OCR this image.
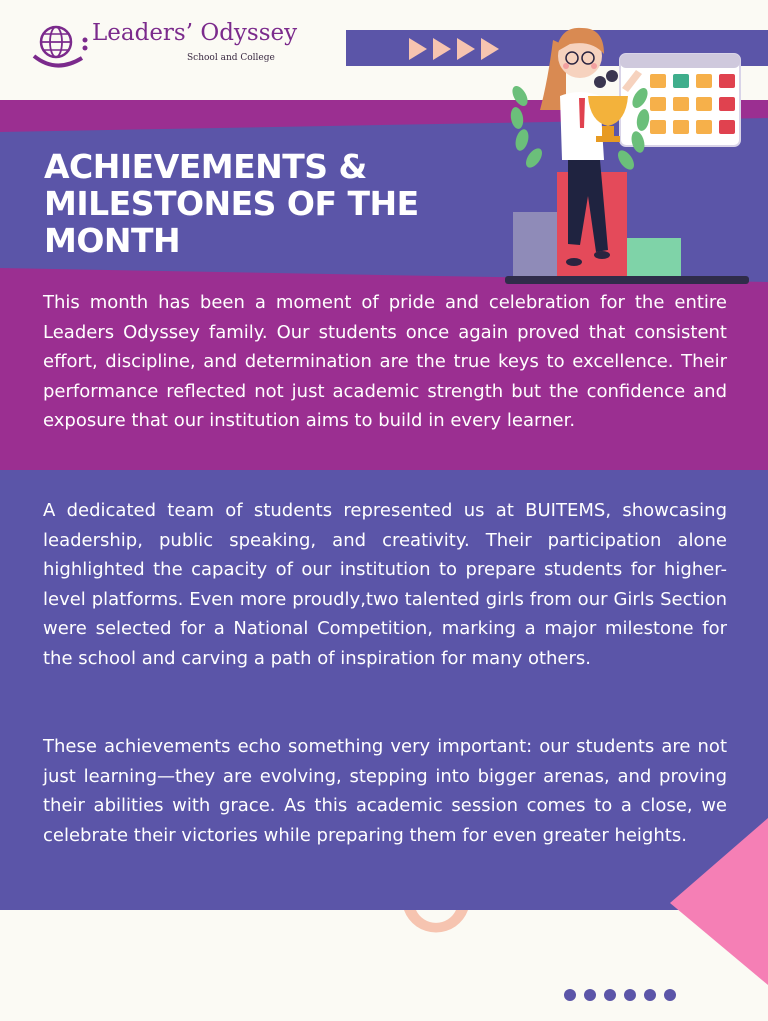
Leaders’ Odyssey
School and College
ACHIEVEMENTS &
MILESTONES OF THE
MONTH

This month has been a moment of pride and celebration for the entire Leaders Odyssey family. Our students once again proved that consistent effort, discipline, and determination are the true keys to excellence. Their performance reflected not just academic strength but the confidence and exposure that our institution aims to build in every learner.

A dedicated team of students represented us at BUITEMS, showcasing leadership, public speaking, and creativity. Their participation alone highlighted the capacity of our institution to prepare students for higher-level platforms. Even more proudly,two talented girls from our Girls Section were selected for a National Competition, marking a major milestone for the school and carving a path of inspiration for many others.

These achievements echo something very important: our students are not just learning—they are evolving, stepping into bigger arenas, and proving their abilities with grace. As this academic session comes to a close, we celebrate their victories while preparing them for even greater heights.
